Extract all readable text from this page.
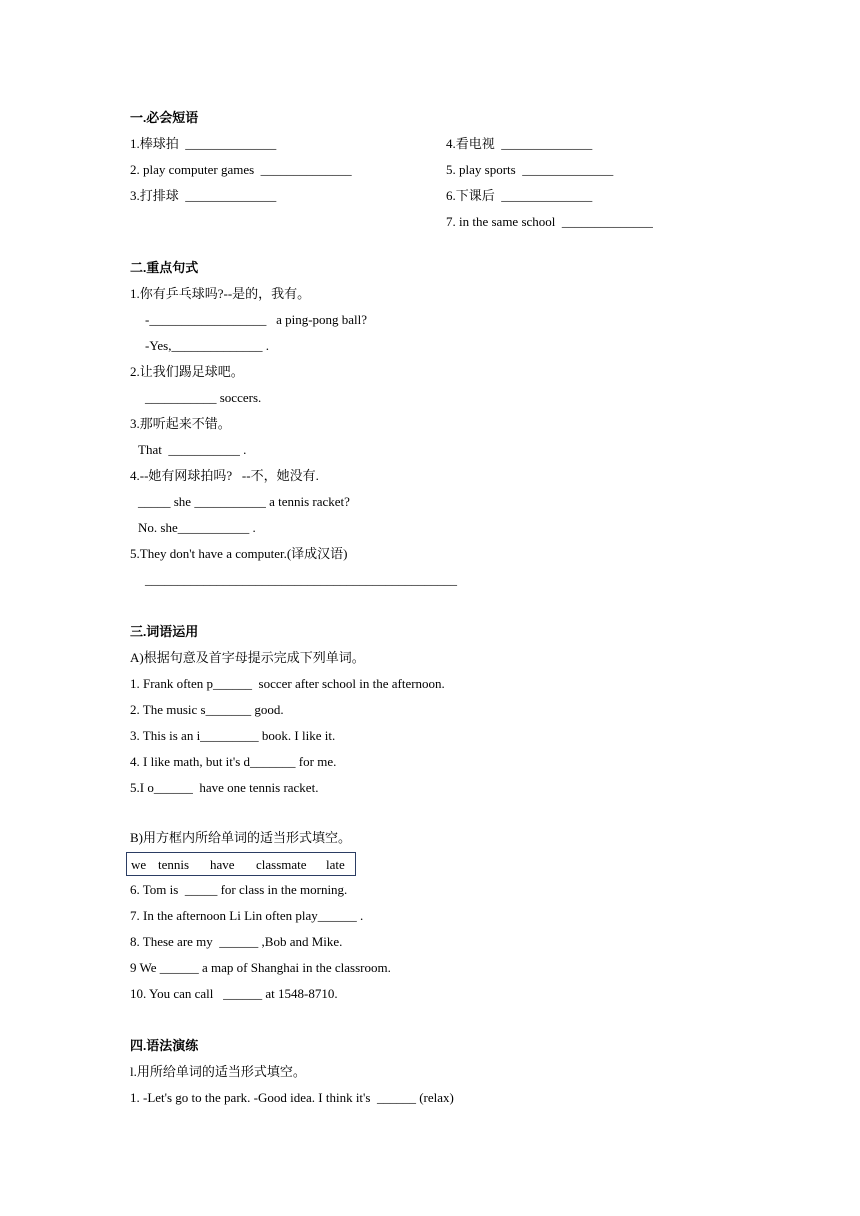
一.必会短语
1.棒球拍  ______________
2. play computer games  ______________
3.打排球  ______________
4.看电视  ______________
5. play sports  ______________
6.下课后  ______________
7. in the same school  ______________
二.重点句式
1.你有乒乓球吗?--是的，我有。
-__________________   a ping-pong ball?
-Yes,______________ .
2.让我们踢足球吧。
___________ soccers.
3.那听起来不错。
That  ___________ .
4.--她有网球拍吗?   --不，她没有.
_____ she ___________ a tennis racket?
No. she___________ .
5.They don't have a computer.(译成汉语)
________________________________________________
三.词语运用
A)根据句意及首字母提示完成下列单词。
1. Frank often p______  soccer after school in the afternoon.
2. The music s_______ good.
3. This is an i_________ book. I like it.
4. I like math, but it's d_______ for me.
5.I o______  have one tennis racket.
B)用方框内所给单词的适当形式填空。
we tennis have classmate late
6. Tom is  _____ for class in the morning.
7. In the afternoon Li Lin often play______ .
8. These are my  ______ ,Bob and Mike.
9 We ______ a map of Shanghai in the classroom.
10. You can call   ______ at 1548-8710.
四.语法演练
l.用所给单词的适当形式填空。
1. -Let's go to the park. -Good idea. I think it's  ______ (relax)
